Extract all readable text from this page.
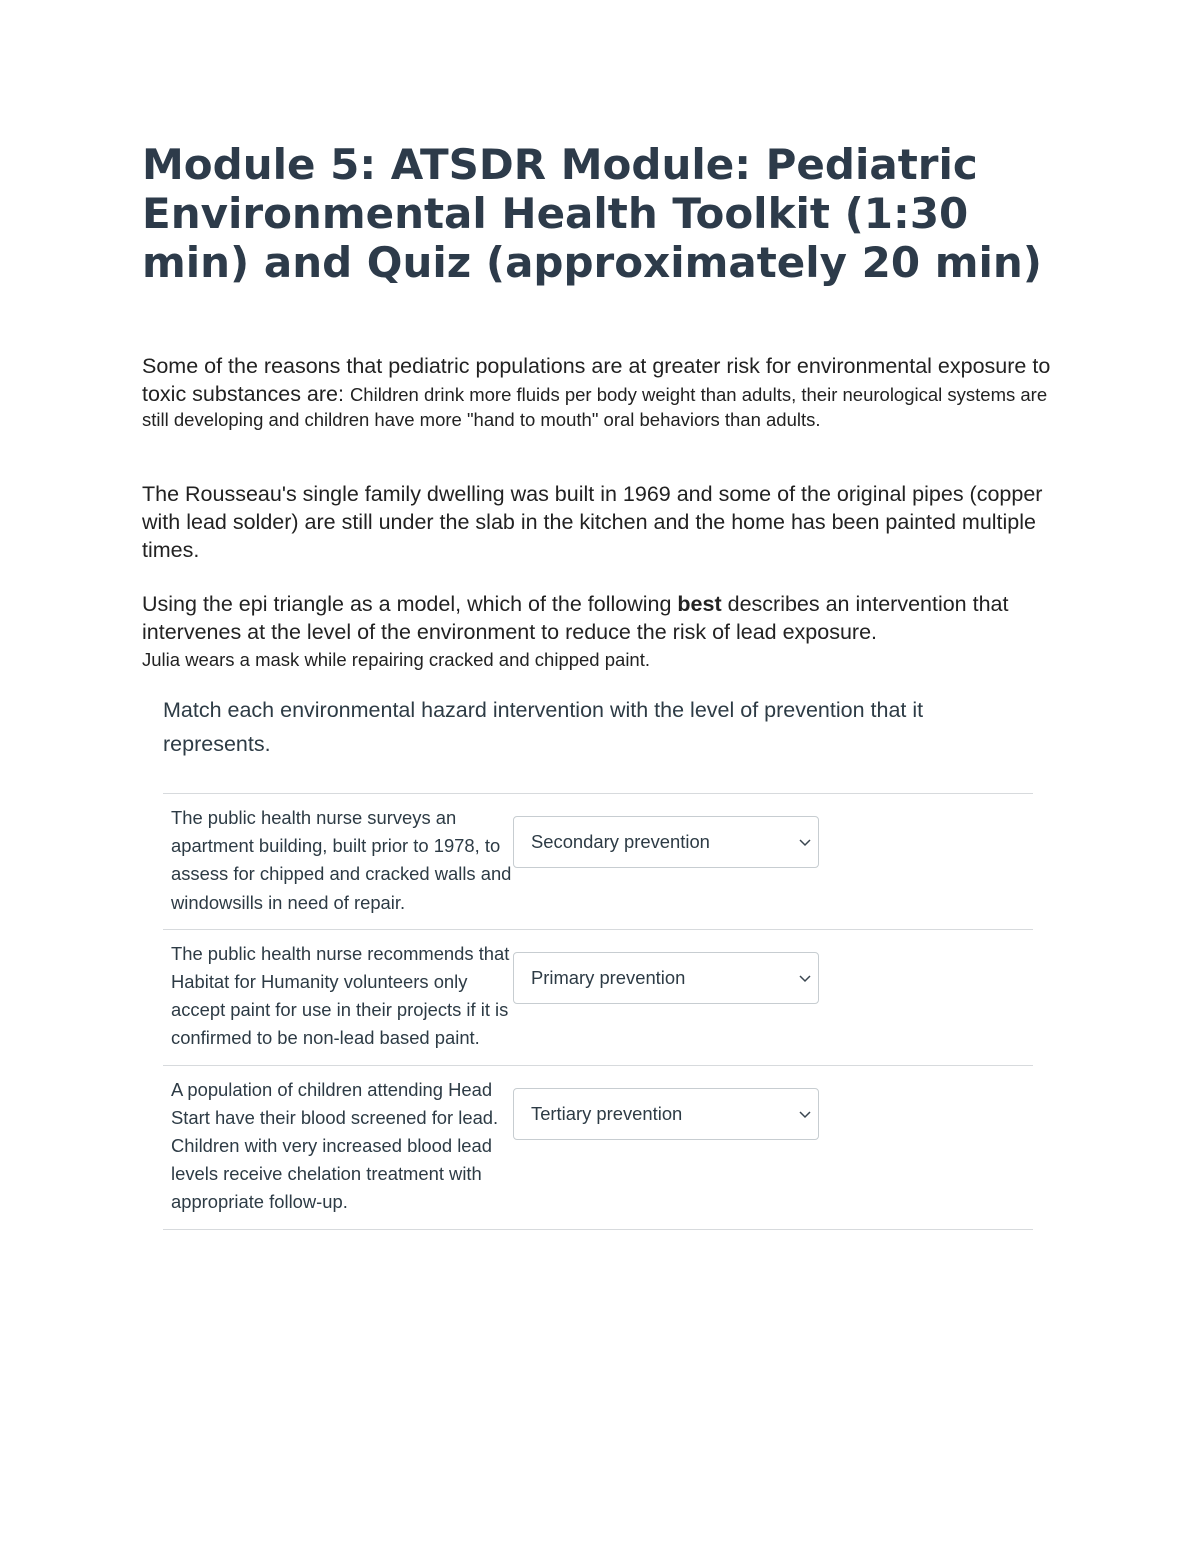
Module 5: ATSDR Module: Pediatric Environmental Health Toolkit (1:30 min) and Quiz (approximately 20 min)

Some of the reasons that pediatric populations are at greater risk for environmental exposure to toxic substances are: Children drink more fluids per body weight than adults, their neurological systems are still developing and children have more "hand to mouth" oral behaviors than adults.

The Rousseau's single family dwelling was built in 1969 and some of the original pipes (copper with lead solder) are still under the slab in the kitchen and the home has been painted multiple times.

Using the epi triangle as a model, which of the following best describes an intervention that intervenes at the level of the environment to reduce the risk of lead exposure.
Julia wears a mask while repairing cracked and chipped paint.

Match each environmental hazard intervention with the level of prevention that it represents.

The public health nurse surveys an apartment building, built prior to 1978, to assess for chipped and cracked walls and windowsills in need of repair.

Secondary prevention

The public health nurse recommends that Habitat for Humanity volunteers only accept paint for use in their projects if it is confirmed to be non-lead based paint.

Primary prevention

A population of children attending Head Start have their blood screened for lead. Children with very increased blood lead levels receive chelation treatment with appropriate follow-up.

Tertiary prevention
